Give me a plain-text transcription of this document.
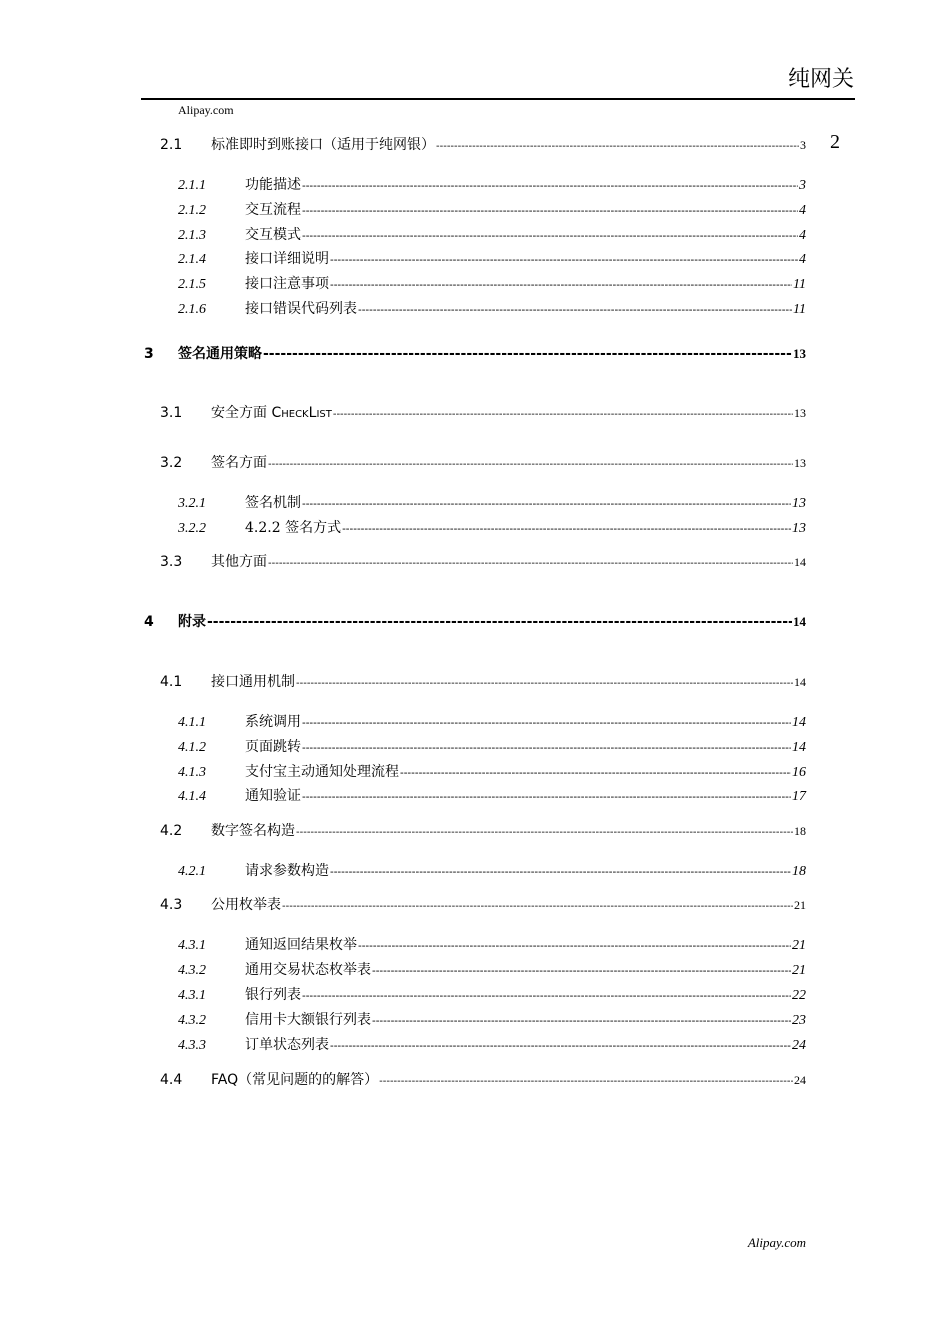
纯网关
Alipay.com
2
2.1	标准即时到账接口（适用于纯网银） -----	3
2.1.1	功能描述 -----	3
2.1.2	交互流程 -----	4
2.1.3	交互模式 -----	4
2.1.4	接口详细说明 -----	4
2.1.5	接口注意事项 -----	11
2.1.6	接口错误代码列表 -----	11
3	签名通用策略 -----	13
3.1	安全方面 CHECKLIST -----	13
3.2	签名方面 -----	13
3.2.1	签名机制 -----	13
3.2.2	4.2.2 签名方式 -----	13
3.3	其他方面 -----	14
4	附录 -----	14
4.1	接口通用机制 -----	14
4.1.1	系统调用 -----	14
4.1.2	页面跳转 -----	14
4.1.3	支付宝主动通知处理流程 -----	16
4.1.4	通知验证 -----	17
4.2	数字签名构造 -----	18
4.2.1	请求参数构造 -----	18
4.3	公用枚举表 -----	21
4.3.1	通知返回结果枚举 -----	21
4.3.2	通用交易状态枚举表 -----	21
4.3.1	银行列表 -----	22
4.3.2	信用卡大额银行列表 -----	23
4.3.3	订单状态列表 -----	24
4.4	FAQ（常见问题的的解答） -----	24
Alipay.com
